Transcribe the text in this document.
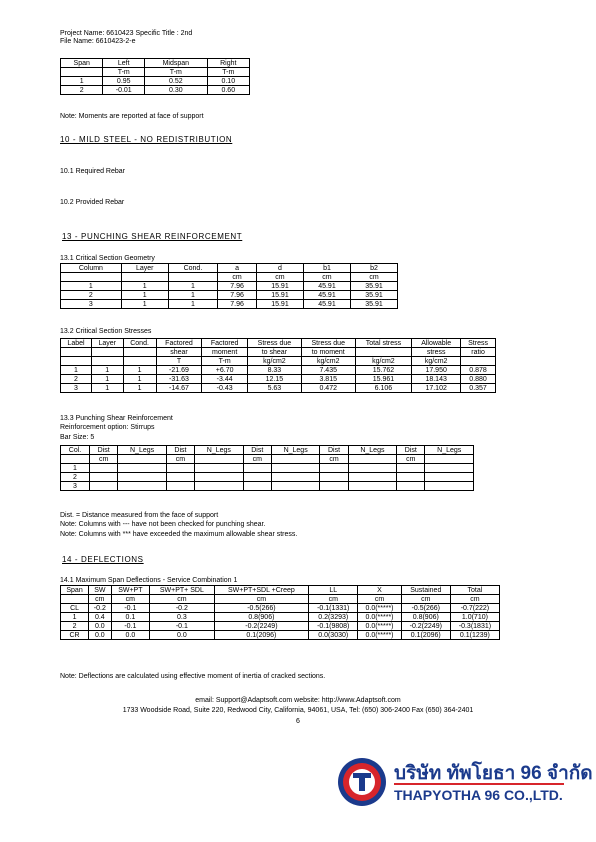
Project Name: 6610423 Specific Title : 2nd
File Name: 6610423-2-e
Span	Left	Midspan	Right
	T-m	T-m	T-m
1	0.95	0.52	0.10
2	-0.01	0.30	0.60
Note: Moments are reported at face of support
10 - MILD STEEL - NO REDISTRIBUTION
10.1 Required Rebar
10.2 Provided Rebar
13 - PUNCHING SHEAR REINFORCEMENT
13.1 Critical Section Geometry
Column	Layer	Cond.	a	d	b1	b2
			cm	cm	cm	cm
1	1	1	7.96	15.91	45.91	35.91
2	1	1	7.96	15.91	45.91	35.91
3	1	1	7.96	15.91	45.91	35.91
13.2 Critical Section Stresses
Label	Layer	Cond.	Factored	Factored	Stress due	Stress due	Total stress	Allowable	Stress
			shear	moment	to shear	to moment		stress	ratio
			T	T-m	kg/cm2	kg/cm2	kg/cm2	kg/cm2	
1	1	1	-21.69	+6.70	8.33	7.435	15.762	17.950	0.878
2	1	1	-31.63	-3.44	12.15	3.815	15.961	18.143	0.880
3	1	1	-14.67	-0.43	5.63	0.472	6.106	17.102	0.357
13.3 Punching Shear Reinforcement
Reinforcement option: Stirrups
Bar Size: 5
Col.	Dist	N_Legs	Dist	N_Legs	Dist	N_Legs	Dist	N_Legs	Dist	N_Legs
	cm		cm		cm		cm		cm	
1										
2										
3										
Dist. = Distance measured from the face of support
Note: Columns with --- have not been checked for punching shear.
Note: Columns with *** have exceeded the maximum allowable shear stress.
14 - DEFLECTIONS
14.1 Maximum Span Deflections - Service Combination 1
Span	SW	SW+PT	SW+PT+ SDL	SW+PT+SDL +Creep	LL	X	Sustained	Total
	cm	cm	cm	cm	cm	cm	cm	cm
CL	-0.2	-0.1	-0.2	-0.5(266)	-0.1(1331)	0.0(*****)	-0.5(266)	-0.7(222)
1	0.4	0.1	0.3	0.8(906)	0.2(3293)	0.0(*****)	0.8(906)	1.0(710)
2	0.0	-0.1	-0.1	-0.2(2249)	-0.1(9808)	0.0(*****)	-0.2(2249)	-0.3(1831)
CR	0.0	0.0	0.0	0.1(2096)	0.0(3030)	0.0(*****)	0.1(2096)	0.1(1239)
Note: Deflections are calculated using effective moment of inertia of cracked sections.
email: Support@Adaptsoft.com website: http://www.Adaptsoft.com
1733 Woodside Road, Suite 220, Redwood City, California, 94061, USA, Tel: (650) 306-2400 Fax (650) 364-2401
6
บริษัท ทัพโยธา 96 จำกัด
THAPYOTHA 96 CO.,LTD.
